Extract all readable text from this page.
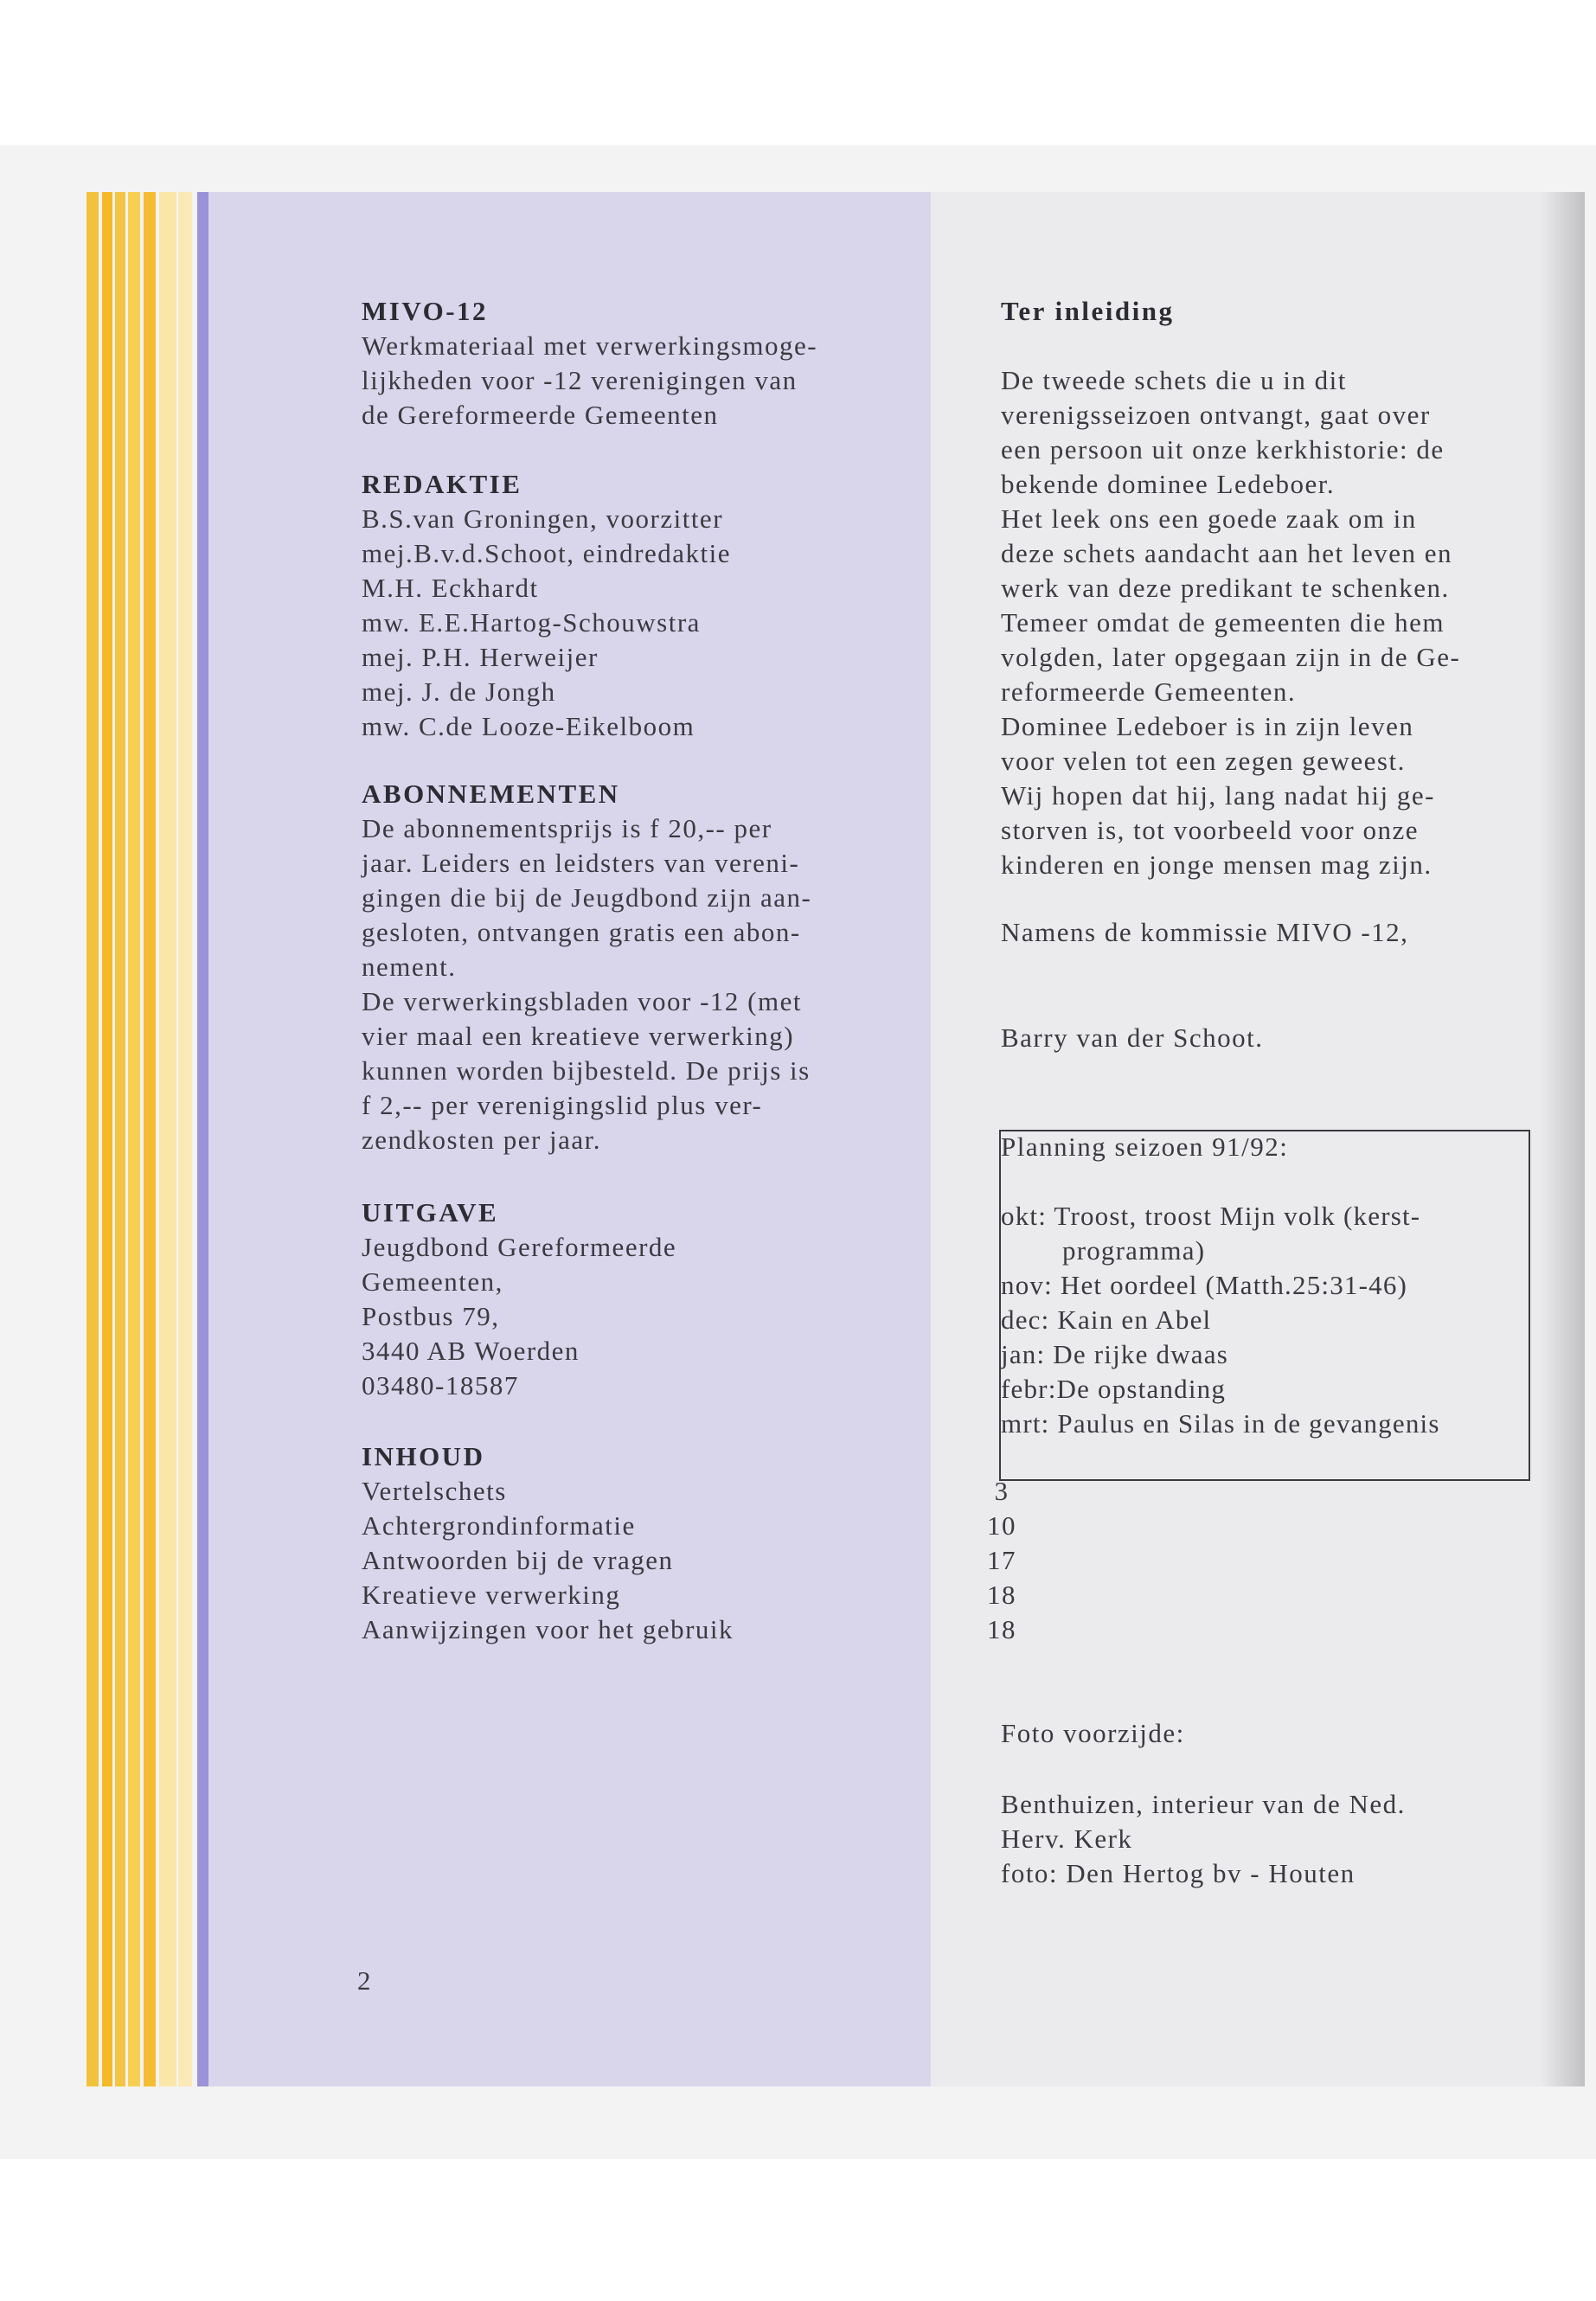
MIVO-12

Werkmateriaal met verwerkingsmoge-

lijkheden voor -12 verenigingen van

de Gereformeerde Gemeenten

REDAKTIE

B.S.van Groningen, voorzitter

mej.B.v.d.Schoot, eindredaktie

M.H. Eckhardt

mw. E.E.Hartog-Schouwstra

mej. P.H. Herweijer

mej. J. de Jongh

mw. C.de Looze-Eikelboom

ABONNEMENTEN

De abonnementsprijs is f 20,-- per

jaar. Leiders en leidsters van vereni-

gingen die bij de Jeugdbond zijn aan-

gesloten, ontvangen gratis een abon-

nement.

De verwerkingsbladen voor -12 (met

vier maal een kreatieve verwerking)

kunnen worden bijbesteld. De prijs is

f 2,-- per verenigingslid plus ver-

zendkosten per jaar.

UITGAVE

Jeugdbond Gereformeerde

Gemeenten,

Postbus 79,

3440 AB Woerden

03480-18587

INHOUD

Vertelschets	3
Achtergrondinformatie	10
Antwoorden bij de vragen	17
Kreatieve verwerking	18
Aanwijzingen voor het gebruik	18
2

Ter inleiding

De tweede schets die u in dit

verenigsseizoen ontvangt, gaat over

een persoon uit onze kerkhistorie: de

bekende dominee Ledeboer.

Het leek ons een goede zaak om in

deze schets aandacht aan het leven en

werk van deze predikant te schenken.

Temeer omdat de gemeenten die hem

volgden, later opgegaan zijn in de Ge-

reformeerde Gemeenten.

Dominee Ledeboer is in zijn leven

voor velen tot een zegen geweest.

Wij hopen dat hij, lang nadat hij ge-

storven is, tot voorbeeld voor onze

kinderen en jonge mensen mag zijn.

Namens de kommissie MIVO -12,
Barry van der Schoot.
Planning seizoen 91/92:
okt: Troost, troost Mijn volk (kerst-
programma)
nov: Het oordeel (Matth.25:31-46)
dec: Kain en Abel
jan: De rijke dwaas
febr:De opstanding
mrt: Paulus en Silas in de gevangenis

Foto voorzijde:

Benthuizen, interieur van de Ned.

Herv. Kerk

foto: Den Hertog bv - Houten
